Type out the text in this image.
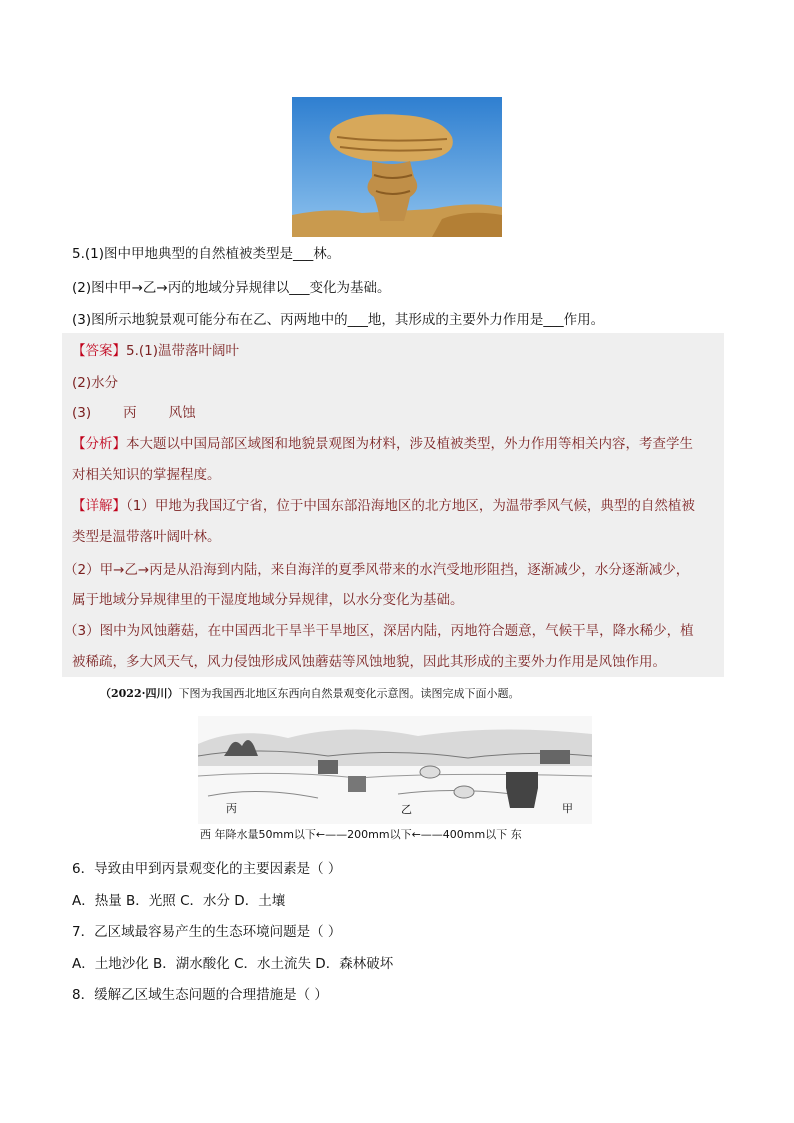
5.(1)图中甲地典型的自然植被类型是___林。
(2)图中甲→乙→丙的地域分异规律以___变化为基础。
(3)图所示地貌景观可能分布在乙、丙两地中的___地，其形成的主要外力作用是___作用。
【答案】5.(1)温带落叶阔叶
(2)水分
(3) 丙 风蚀
【分析】本大题以中国局部区域图和地貌景观图为材料，涉及植被类型，外力作用等相关内容，考查学生
对相关知识的掌握程度。
【详解】（1）甲地为我国辽宁省，位于中国东部沿海地区的北方地区，为温带季风气候，典型的自然植被
类型是温带落叶阔叶林。
（2）甲→乙→丙是从沿海到内陆，来自海洋的夏季风带来的水汽受地形阻挡，逐渐减少，水分逐渐减少，
属于地域分异规律里的干湿度地域分异规律，以水分变化为基础。
（3）图中为风蚀蘑菇，在中国西北干旱半干旱地区，深居内陆，丙地符合题意，气候干旱，降水稀少，植
被稀疏，多大风天气，风力侵蚀形成风蚀蘑菇等风蚀地貌，因此其形成的主要外力作用是风蚀作用。
（2022·四川）下图为我国西北地区东西向自然景观变化示意图。读图完成下面小题。
丙	乙	甲
西 年降水量50mm以下←——200mm以下←——400mm以下 东
6．导致由甲到丙景观变化的主要因素是（ ）
A．热量 B．光照 C．水分 D．土壤
7．乙区域最容易产生的生态环境问题是（ ）
A．土地沙化 B．湖水酸化 C．水土流失 D．森林破坏
8．缓解乙区域生态问题的合理措施是（ ）
